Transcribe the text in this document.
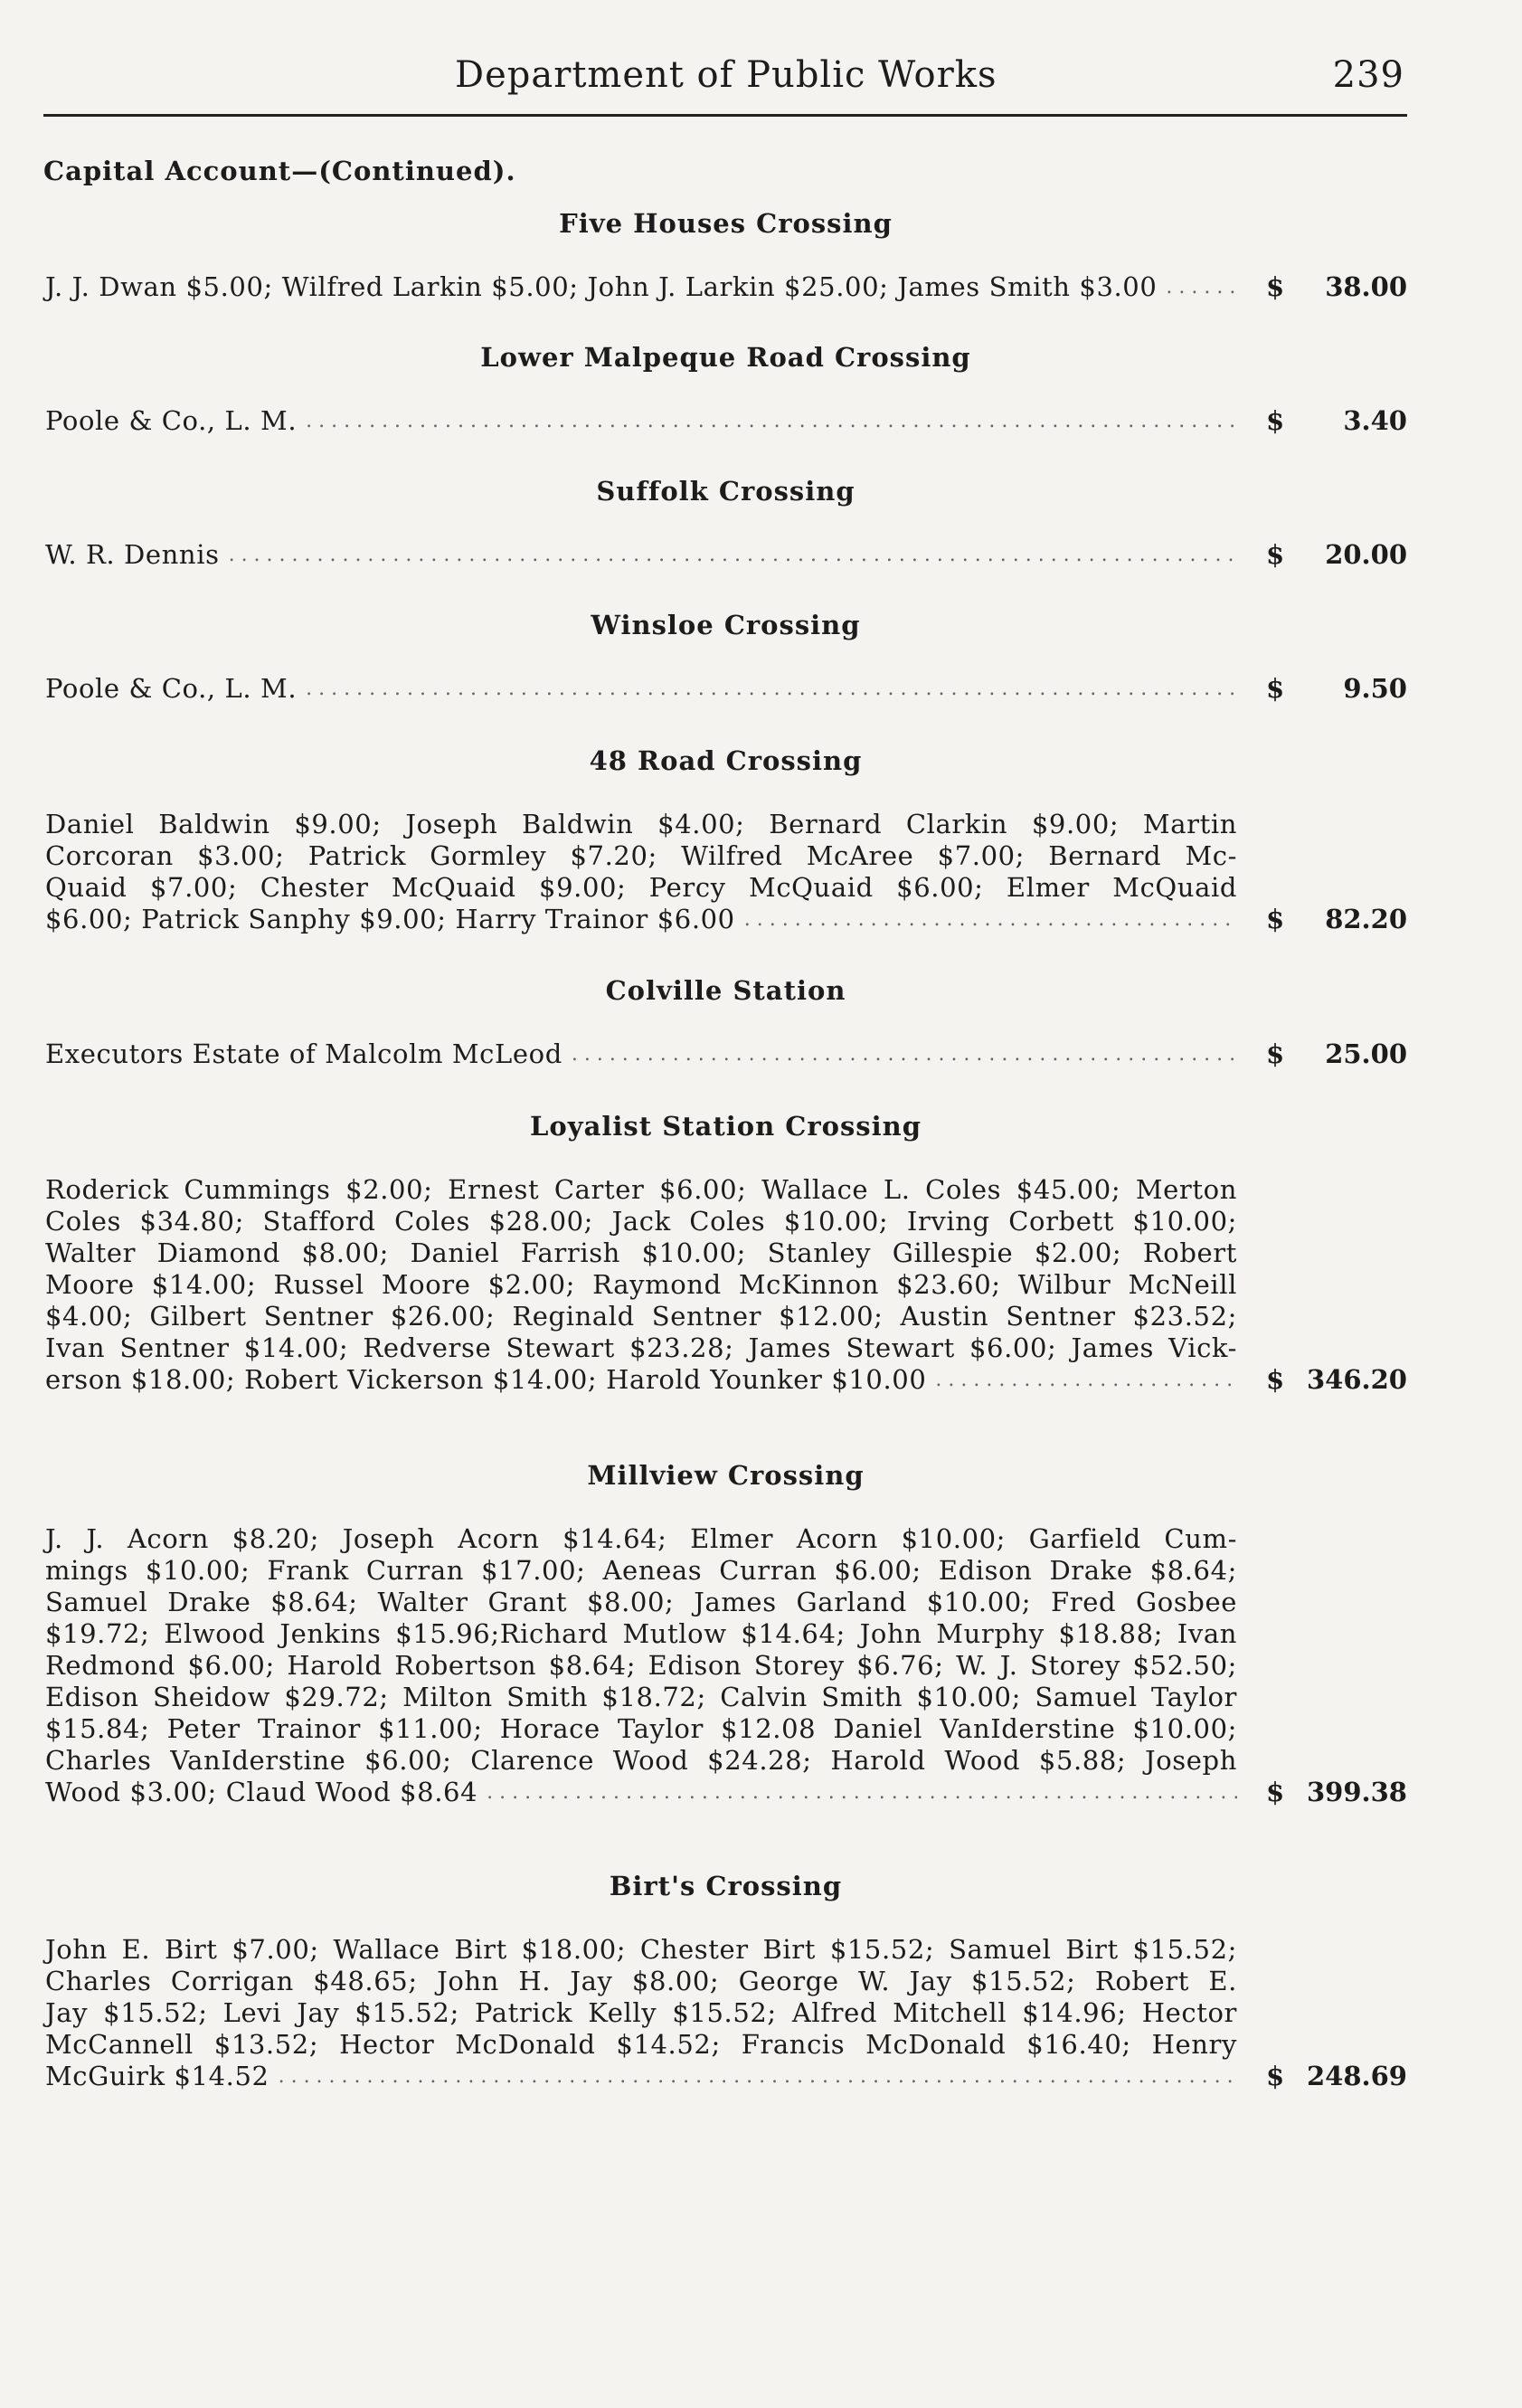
Department of Public Works	239
Capital Account—(Continued).
Five Houses Crossing
J. J. Dwan $5.00; Wilfred Larkin $5.00; John J. Larkin $25.00; James Smith $3.00 . . .	$ 38.00
Lower Malpeque Road Crossing
Poole & Co., L. M. . . .	$ 3.40
Suffolk Crossing
W. R. Dennis . . .	$ 20.00
Winsloe Crossing
Poole & Co., L. M. . . .	$ 9.50
48 Road Crossing
Daniel Baldwin $9.00; Joseph Baldwin $4.00; Bernard Clarkin $9.00; Martin
Corcoran $3.00; Patrick Gormley $7.20; Wilfred McAree $7.00; Bernard Mc-
Quaid $7.00; Chester McQuaid $9.00; Percy McQuaid $6.00; Elmer McQuaid
$6.00; Patrick Sanphy $9.00; Harry Trainor $6.00 . . .	$ 82.20
Colville Station
Executors Estate of Malcolm McLeod . . .	$ 25.00
Loyalist Station Crossing
Roderick Cummings $2.00; Ernest Carter $6.00; Wallace L. Coles $45.00; Merton
Coles $34.80; Stafford Coles $28.00; Jack Coles $10.00; Irving Corbett $10.00;
Walter Diamond $8.00; Daniel Farrish $10.00; Stanley Gillespie $2.00; Robert
Moore $14.00; Russel Moore $2.00; Raymond McKinnon $23.60; Wilbur McNeill
$4.00; Gilbert Sentner $26.00; Reginald Sentner $12.00; Austin Sentner $23.52;
Ivan Sentner $14.00; Redverse Stewart $23.28; James Stewart $6.00; James Vick-
erson $18.00; Robert Vickerson $14.00; Harold Younker $10.00 . . .	$ 346.20
Millview Crossing
J. J. Acorn $8.20; Joseph Acorn $14.64; Elmer Acorn $10.00; Garfield Cum-
mings $10.00; Frank Curran $17.00; Aeneas Curran $6.00; Edison Drake $8.64;
Samuel Drake $8.64; Walter Grant $8.00; James Garland $10.00; Fred Gosbee
$19.72; Elwood Jenkins $15.96;Richard Mutlow $14.64; John Murphy $18.88; Ivan
Redmond $6.00; Harold Robertson $8.64; Edison Storey $6.76; W. J. Storey $52.50;
Edison Sheidow $29.72; Milton Smith $18.72; Calvin Smith $10.00; Samuel Taylor
$15.84; Peter Trainor $11.00; Horace Taylor $12.08 Daniel VanIderstine $10.00;
Charles VanIderstine $6.00; Clarence Wood $24.28; Harold Wood $5.88; Joseph
Wood $3.00; Claud Wood $8.64 . . .	$ 399.38
Birt's Crossing
John E. Birt $7.00; Wallace Birt $18.00; Chester Birt $15.52; Samuel Birt $15.52;
Charles Corrigan $48.65; John H. Jay $8.00; George W. Jay $15.52; Robert E.
Jay $15.52; Levi Jay $15.52; Patrick Kelly $15.52; Alfred Mitchell $14.96; Hector
McCannell $13.52; Hector McDonald $14.52; Francis McDonald $16.40; Henry
McGuirk $14.52 . . .	$ 248.69
